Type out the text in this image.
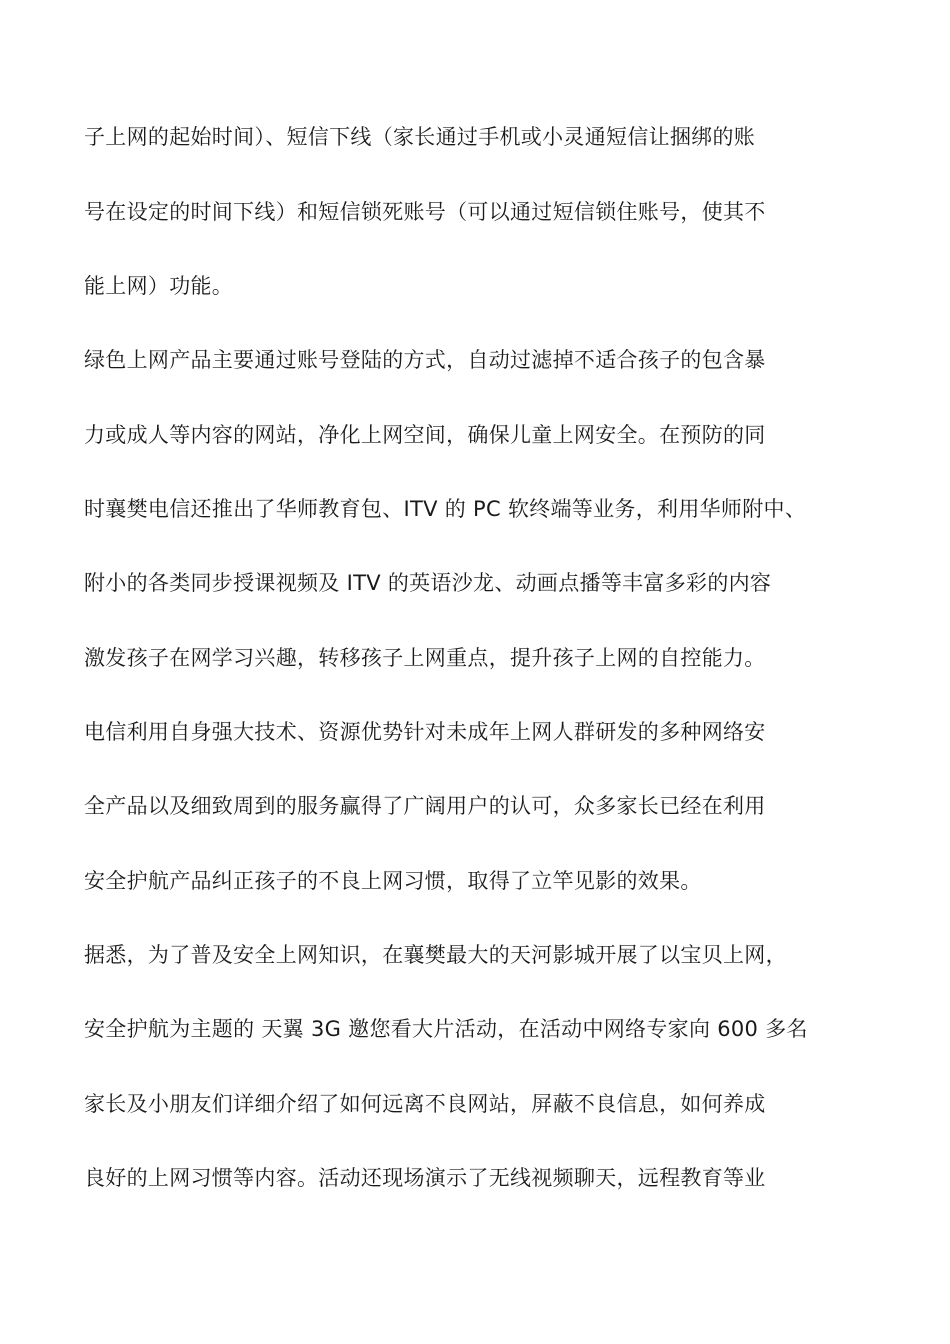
子上网的起始时间）、短信下线（家长通过手机或小灵通短信让捆绑的账
号在设定的时间下线）和短信锁死账号（可以通过短信锁住账号，使其不
能上网）功能。
绿色上网产品主要通过账号登陆的方式，自动过滤掉不适合孩子的包含暴
力或成人等内容的网站，净化上网空间，确保儿童上网安全。在预防的同
时襄樊电信还推出了华师教育包、ITV 的 PC 软终端等业务，利用华师附中、
附小的各类同步授课视频及 ITV 的英语沙龙、动画点播等丰富多彩的内容
激发孩子在网学习兴趣，转移孩子上网重点，提升孩子上网的自控能力。
电信利用自身强大技术、资源优势针对未成年上网人群研发的多种网络安
全产品以及细致周到的服务赢得了广阔用户的认可，众多家长已经在利用
安全护航产品纠正孩子的不良上网习惯，取得了立竿见影的效果。
据悉，为了普及安全上网知识，在襄樊最大的天河影城开展了以宝贝上网，
安全护航为主题的 天翼 3G 邀您看大片活动，在活动中网络专家向 600 多名
家长及小朋友们详细介绍了如何远离不良网站，屏蔽不良信息，如何养成
良好的上网习惯等内容。活动还现场演示了无线视频聊天，远程教育等业
